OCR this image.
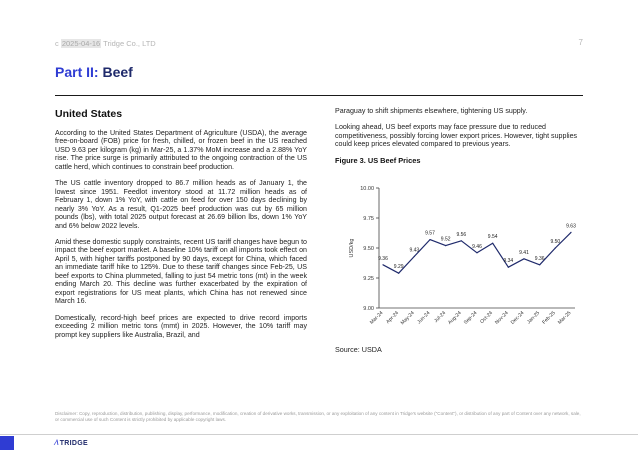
c 2025-04-16 Tridge Co., LTD	7
Part II: Beef
United States

According to the United States Department of Agriculture (USDA), the average free-on-board (FOB) price for fresh, chilled, or frozen beef in the US reached USD 9.63 per kilogram (kg) in Mar-25, a 1.37% MoM increase and a 2.88% YoY rise. The price surge is primarily attributed to the ongoing contraction of the US cattle herd, which continues to constrain beef production.

The US cattle inventory dropped to 86.7 million heads as of January 1, the lowest since 1951. Feedlot inventory stood at 11.72 million heads as of February 1, down 1% YoY, with cattle on feed for over 150 days declining by nearly 3% YoY. As a result, Q1-2025 beef production was cut by 65 million pounds (lbs), with total 2025 output forecast at 26.69 billion lbs, down 1% YoY and 6% below 2022 levels.

Amid these domestic supply constraints, recent US tariff changes have begun to impact the beef export market. A baseline 10% tariff on all imports took effect on April 5, with higher tariffs postponed by 90 days, except for China, which faced an immediate tariff hike to 125%. Due to these tariff changes since Feb-25, US beef exports to China plummeted, falling to just 54 metric tons (mt) in the week ending March 20. This decline was further exacerbated by the expiration of export registrations for US meat plants, which China has not renewed since March 16.

Domestically, record-high beef prices are expected to drive record imports exceeding 2 million metric tons (mmt) in 2025. However, the 10% tariff may prompt key suppliers like Australia, Brazil, and

Paraguay to shift shipments elsewhere, tightening US supply.

Looking ahead, US beef exports may face pressure due to reduced competitiveness, possibly forcing lower export prices. However, tight supplies could keep prices elevated compared to previous years.

Figure 3. US Beef Prices
9.00
9.25
9.50
9.75
10.00
USD/kg
9.36
9.29
9.43
9.57
9.52
9.56
9.46
9.54
9.34
9.41
9.36
9.50
9.63
Mar-24 Apr-24 May-24 Jun-24 Jul-24 Aug-24 Sep-24 Oct-24 Nov-24 Dec-24 Jan-25 Feb-25 Mar-25
Source: USDA
Disclaimer: Copy, reproduction, distribution, publishing, display, performance, modification, creation of derivative works, transmission, or any exploitation of any content in Tridge's website ("Content"), or distribution of any part of Content over any network, sale, or commercial use of such Content is strictly prohibited by applicable copyright laws.
⁄\TRIDGE
